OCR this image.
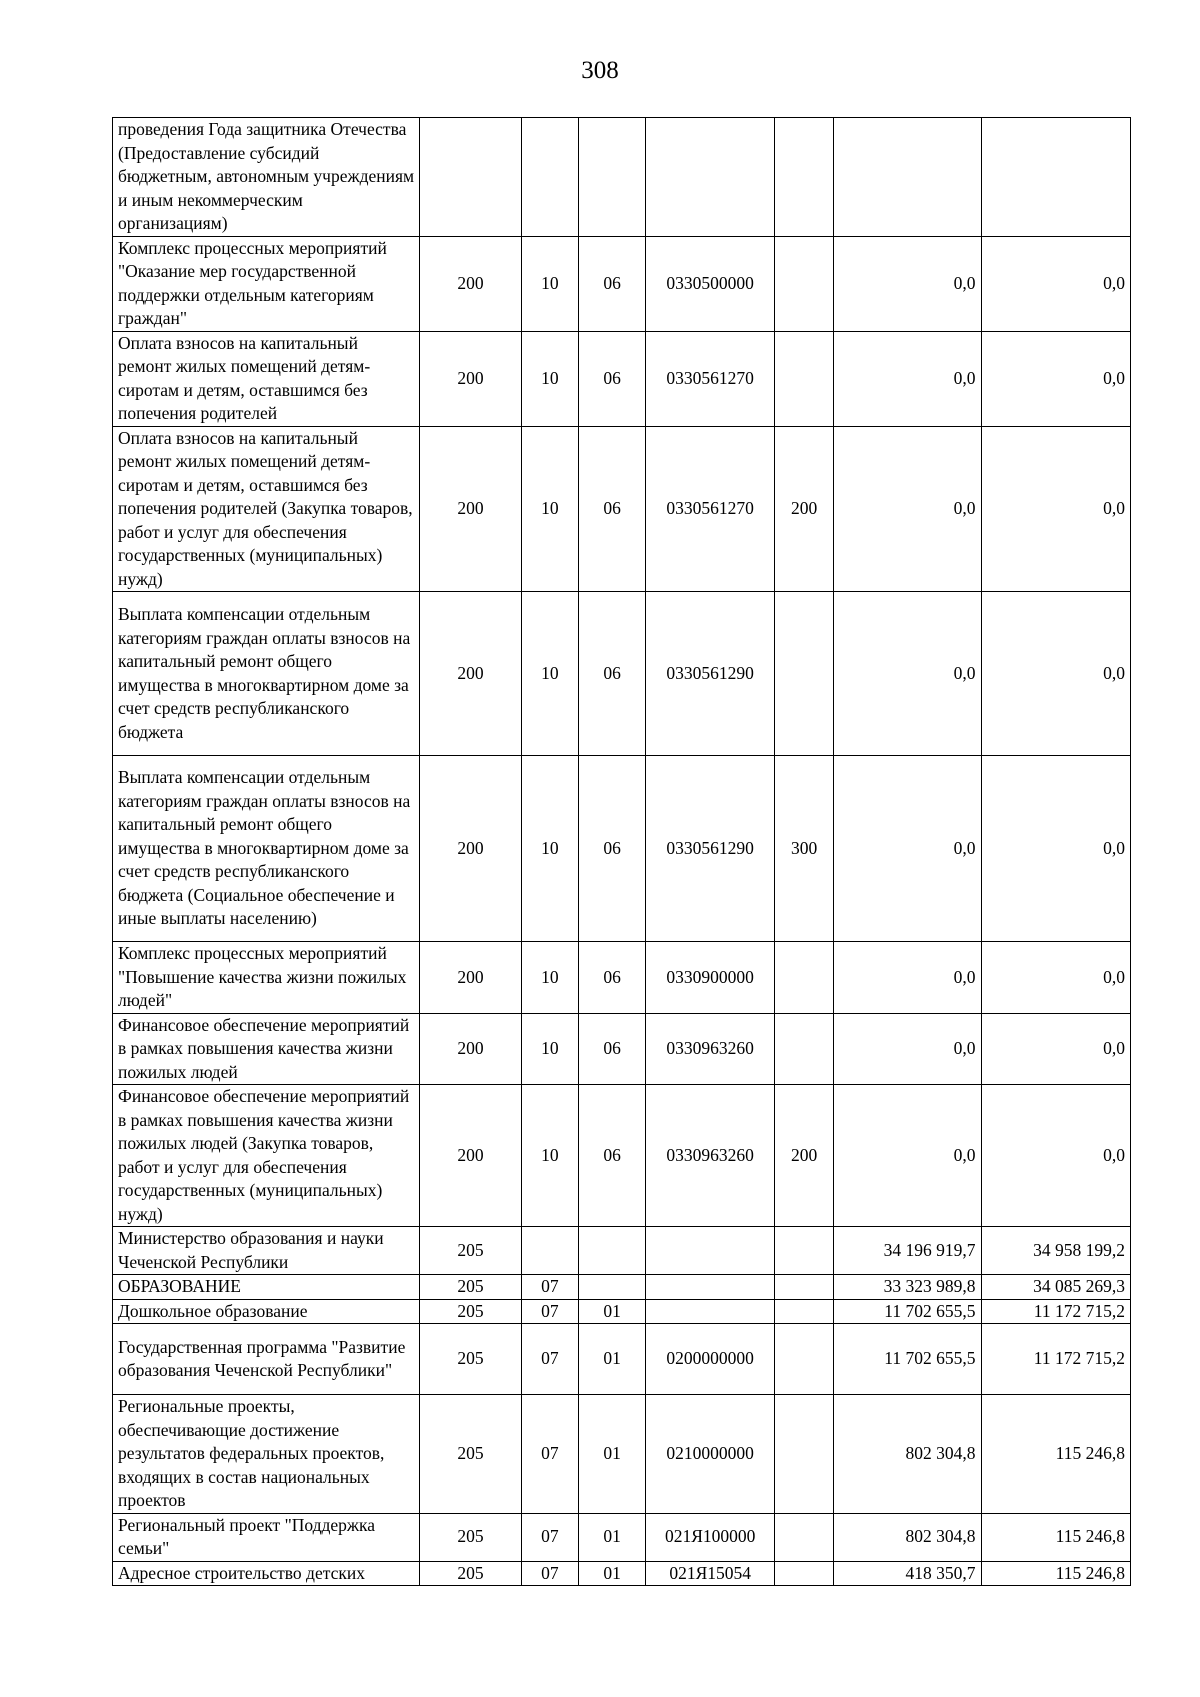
308
проведения Года защитника Отечества (Предоставление субсидий бюджетным, автономным учреждениям и иным некоммерческим организациям)							
Комплекс процессных мероприятий "Оказание мер государственной поддержки отдельным категориям граждан"	200	10	06	0330500000		0,0	0,0
Оплата взносов на капитальный ремонт жилых помещений детям-сиротам и детям, оставшимся без попечения родителей	200	10	06	0330561270		0,0	0,0
Оплата взносов на капитальный ремонт жилых помещений детям-сиротам и детям, оставшимся без попечения родителей (Закупка товаров, работ и услуг для обеспечения государственных (муниципальных) нужд)	200	10	06	0330561270	200	0,0	0,0
Выплата компенсации отдельным категориям граждан оплаты взносов на капитальный ремонт общего имущества в многоквартирном доме за счет средств республиканского бюджета	200	10	06	0330561290		0,0	0,0
Выплата компенсации отдельным категориям граждан оплаты взносов на капитальный ремонт общего имущества в многоквартирном доме за счет средств республиканского бюджета (Социальное обеспечение и иные выплаты населению)	200	10	06	0330561290	300	0,0	0,0
Комплекс процессных мероприятий "Повышение качества жизни пожилых людей"	200	10	06	0330900000		0,0	0,0
Финансовое обеспечение мероприятий в рамках повышения качества жизни пожилых людей	200	10	06	0330963260		0,0	0,0
Финансовое обеспечение мероприятий в рамках повышения качества жизни пожилых людей (Закупка товаров, работ и услуг для обеспечения государственных (муниципальных) нужд)	200	10	06	0330963260	200	0,0	0,0
Министерство образования и науки Чеченской Республики	205					34 196 919,7	34 958 199,2
ОБРАЗОВАНИЕ	205	07				33 323 989,8	34 085 269,3
Дошкольное образование	205	07	01			11 702 655,5	11 172 715,2
Государственная программа "Развитие образования Чеченской Республики"	205	07	01	0200000000		11 702 655,5	11 172 715,2
Региональные проекты, обеспечивающие достижение результатов федеральных проектов, входящих в состав национальных проектов	205	07	01	0210000000		802 304,8	115 246,8
Региональный проект "Поддержка семьи"	205	07	01	021Я100000		802 304,8	115 246,8
Адресное строительство детских	205	07	01	021Я15054		418 350,7	115 246,8
